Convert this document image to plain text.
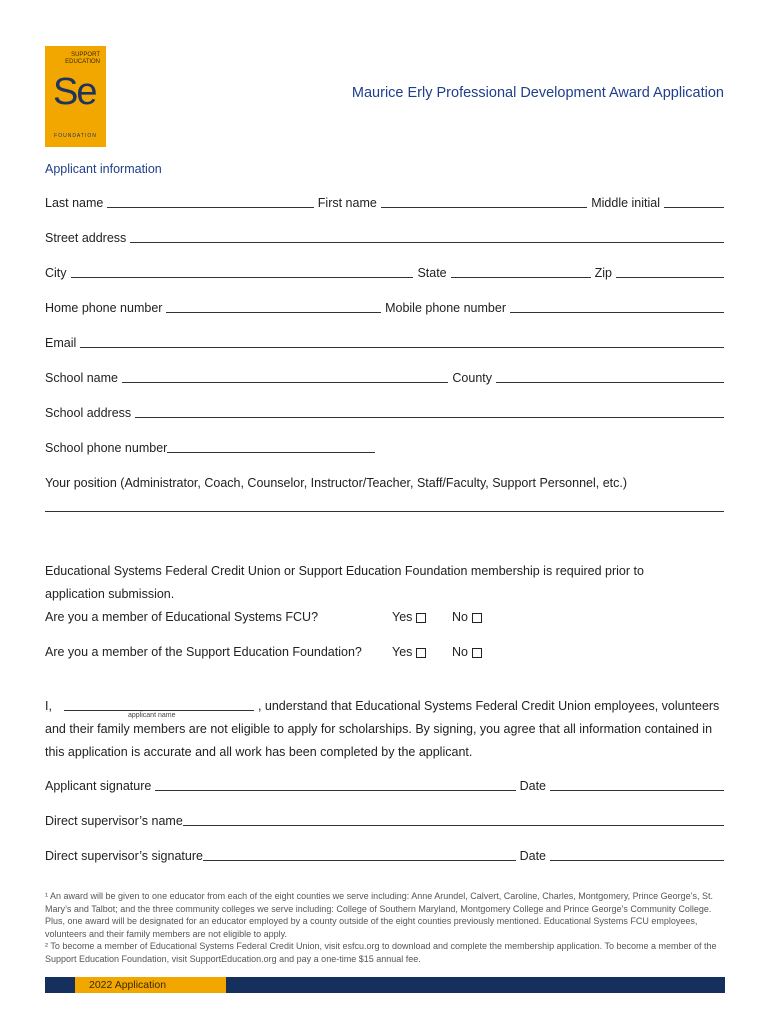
SUPPORT
EDUCATION
Se
FOUNDATION
Maurice Erly Professional Development Award Application
Applicant information
Last name	First name	Middle initial
Street address
City	State	Zip
Home phone number	Mobile phone number
Email
School name	County
School address
School phone number
Your position (Administrator, Coach, Counselor, Instructor/Teacher, Staff/Faculty, Support Personnel, etc.)
Educational Systems Federal Credit Union or Support Education Foundation membership is required prior to
application submission.
Are you a member of Educational Systems FCU?	Yes	No
Are you a member of the Support Education Foundation? Yes	No
I,	, understand that Educational Systems Federal Credit Union employees, volunteers
applicant name
and their family members are not eligible to apply for scholarships. By signing, you agree that all information contained in
this application is accurate and all work has been completed by the applicant.
Applicant signature	Date
Direct supervisor’s name
Direct supervisor’s signature	Date
¹ An award will be given to one educator from each of the eight counties we serve including: Anne Arundel, Calvert, Caroline, Charles, Montgomery, Prince George’s, St. Mary’s and Talbot; and the three community colleges we serve including: College of Southern Maryland, Montgomery College and Prince George’s Community College. Plus, one award will be designated for an educator employed by a county outside of the eight counties previously mentioned. Educational Systems FCU employees, volunteers and their family members are not eligible to apply.
² To become a member of Educational Systems Federal Credit Union, visit esfcu.org to download and complete the membership application. To become a member of the Support Education Foundation, visit SupportEducation.org and pay a one-time $15 annual fee.
2022 Application
